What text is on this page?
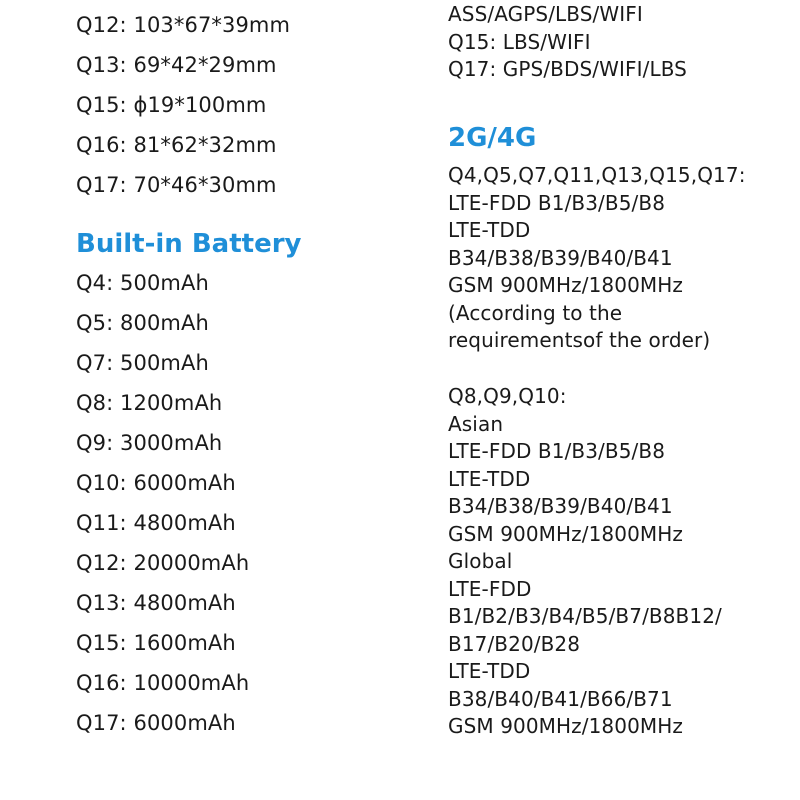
Q12: 103*67*39mm
Q13: 69*42*29mm
Q15: ϕ19*100mm
Q16: 81*62*32mm
Q17: 70*46*30mm
Built-in Battery
Q4: 500mAh
Q5: 800mAh
Q7: 500mAh
Q8: 1200mAh
Q9: 3000mAh
Q10: 6000mAh
Q11: 4800mAh
Q12: 20000mAh
Q13: 4800mAh
Q15: 1600mAh
Q16: 10000mAh
Q17: 6000mAh
ASS/AGPS/LBS/WIFI
Q15: LBS/WIFI
Q17: GPS/BDS/WIFI/LBS
2G/4G
Q4,Q5,Q7,Q11,Q13,Q15,Q17:
LTE-FDD B1/B3/B5/B8
LTE-TDD
B34/B38/B39/B40/B41
GSM 900MHz/1800MHz
(According to the
requirementsof the order)
Q8,Q9,Q10:
Asian
LTE-FDD B1/B3/B5/B8
LTE-TDD
B34/B38/B39/B40/B41
GSM 900MHz/1800MHz
Global
LTE-FDD
B1/B2/B3/B4/B5/B7/B8B12/
B17/B20/B28
LTE-TDD
B38/B40/B41/B66/B71
GSM 900MHz/1800MHz
